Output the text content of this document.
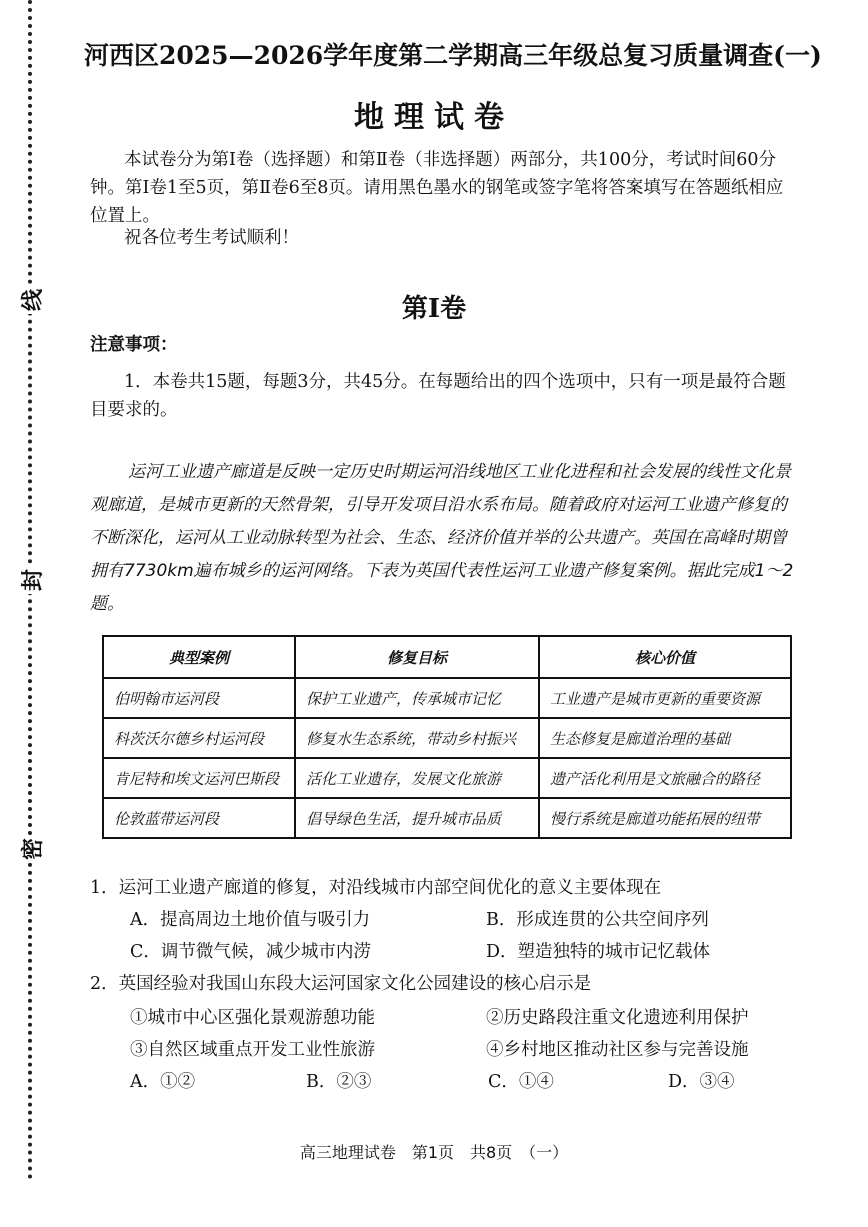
线
封
密
河西区2025—2026学年度第二学期高三年级总复习质量调查(一)
地理试卷
本试卷分为第Ⅰ卷（选择题）和第Ⅱ卷（非选择题）两部分，共100分，考试时间60分钟。第Ⅰ卷1至5页，第Ⅱ卷6至8页。请用黑色墨水的钢笔或签字笔将答案填写在答题纸相应位置上。
祝各位考生考试顺利！
第Ⅰ卷
注意事项：
1．本卷共15题，每题3分，共45分。在每题给出的四个选项中，只有一项是最符合题目要求的。
运河工业遗产廊道是反映一定历史时期运河沿线地区工业化进程和社会发展的线性文化景观廊道，是城市更新的天然骨架，引导开发项目沿水系布局。随着政府对运河工业遗产修复的不断深化，运河从工业动脉转型为社会、生态、经济价值并举的公共遗产。英国在高峰时期曾拥有7730km遍布城乡的运河网络。下表为英国代表性运河工业遗产修复案例。据此完成1～2题。
典型案例	修复目标	核心价值
伯明翰市运河段	保护工业遗产，传承城市记忆	工业遗产是城市更新的重要资源
科茨沃尔德乡村运河段	修复水生态系统，带动乡村振兴	生态修复是廊道治理的基础
肯尼特和埃文运河巴斯段	活化工业遗存，发展文化旅游	遗产活化利用是文旅融合的路径
伦敦蓝带运河段	倡导绿色生活，提升城市品质	慢行系统是廊道功能拓展的纽带
1．运河工业遗产廊道的修复，对沿线城市内部空间优化的意义主要体现在
A．提高周边土地价值与吸引力	B．形成连贯的公共空间序列
C．调节微气候，减少城市内涝	D．塑造独特的城市记忆载体
2．英国经验对我国山东段大运河国家文化公园建设的核心启示是
①城市中心区强化景观游憩功能	②历史路段注重文化遗迹利用保护
③自然区域重点开发工业性旅游	④乡村地区推动社区参与完善设施
A．①②	B．②③	C．①④	D．③④
高三地理试卷　第1页　共8页　（一）
